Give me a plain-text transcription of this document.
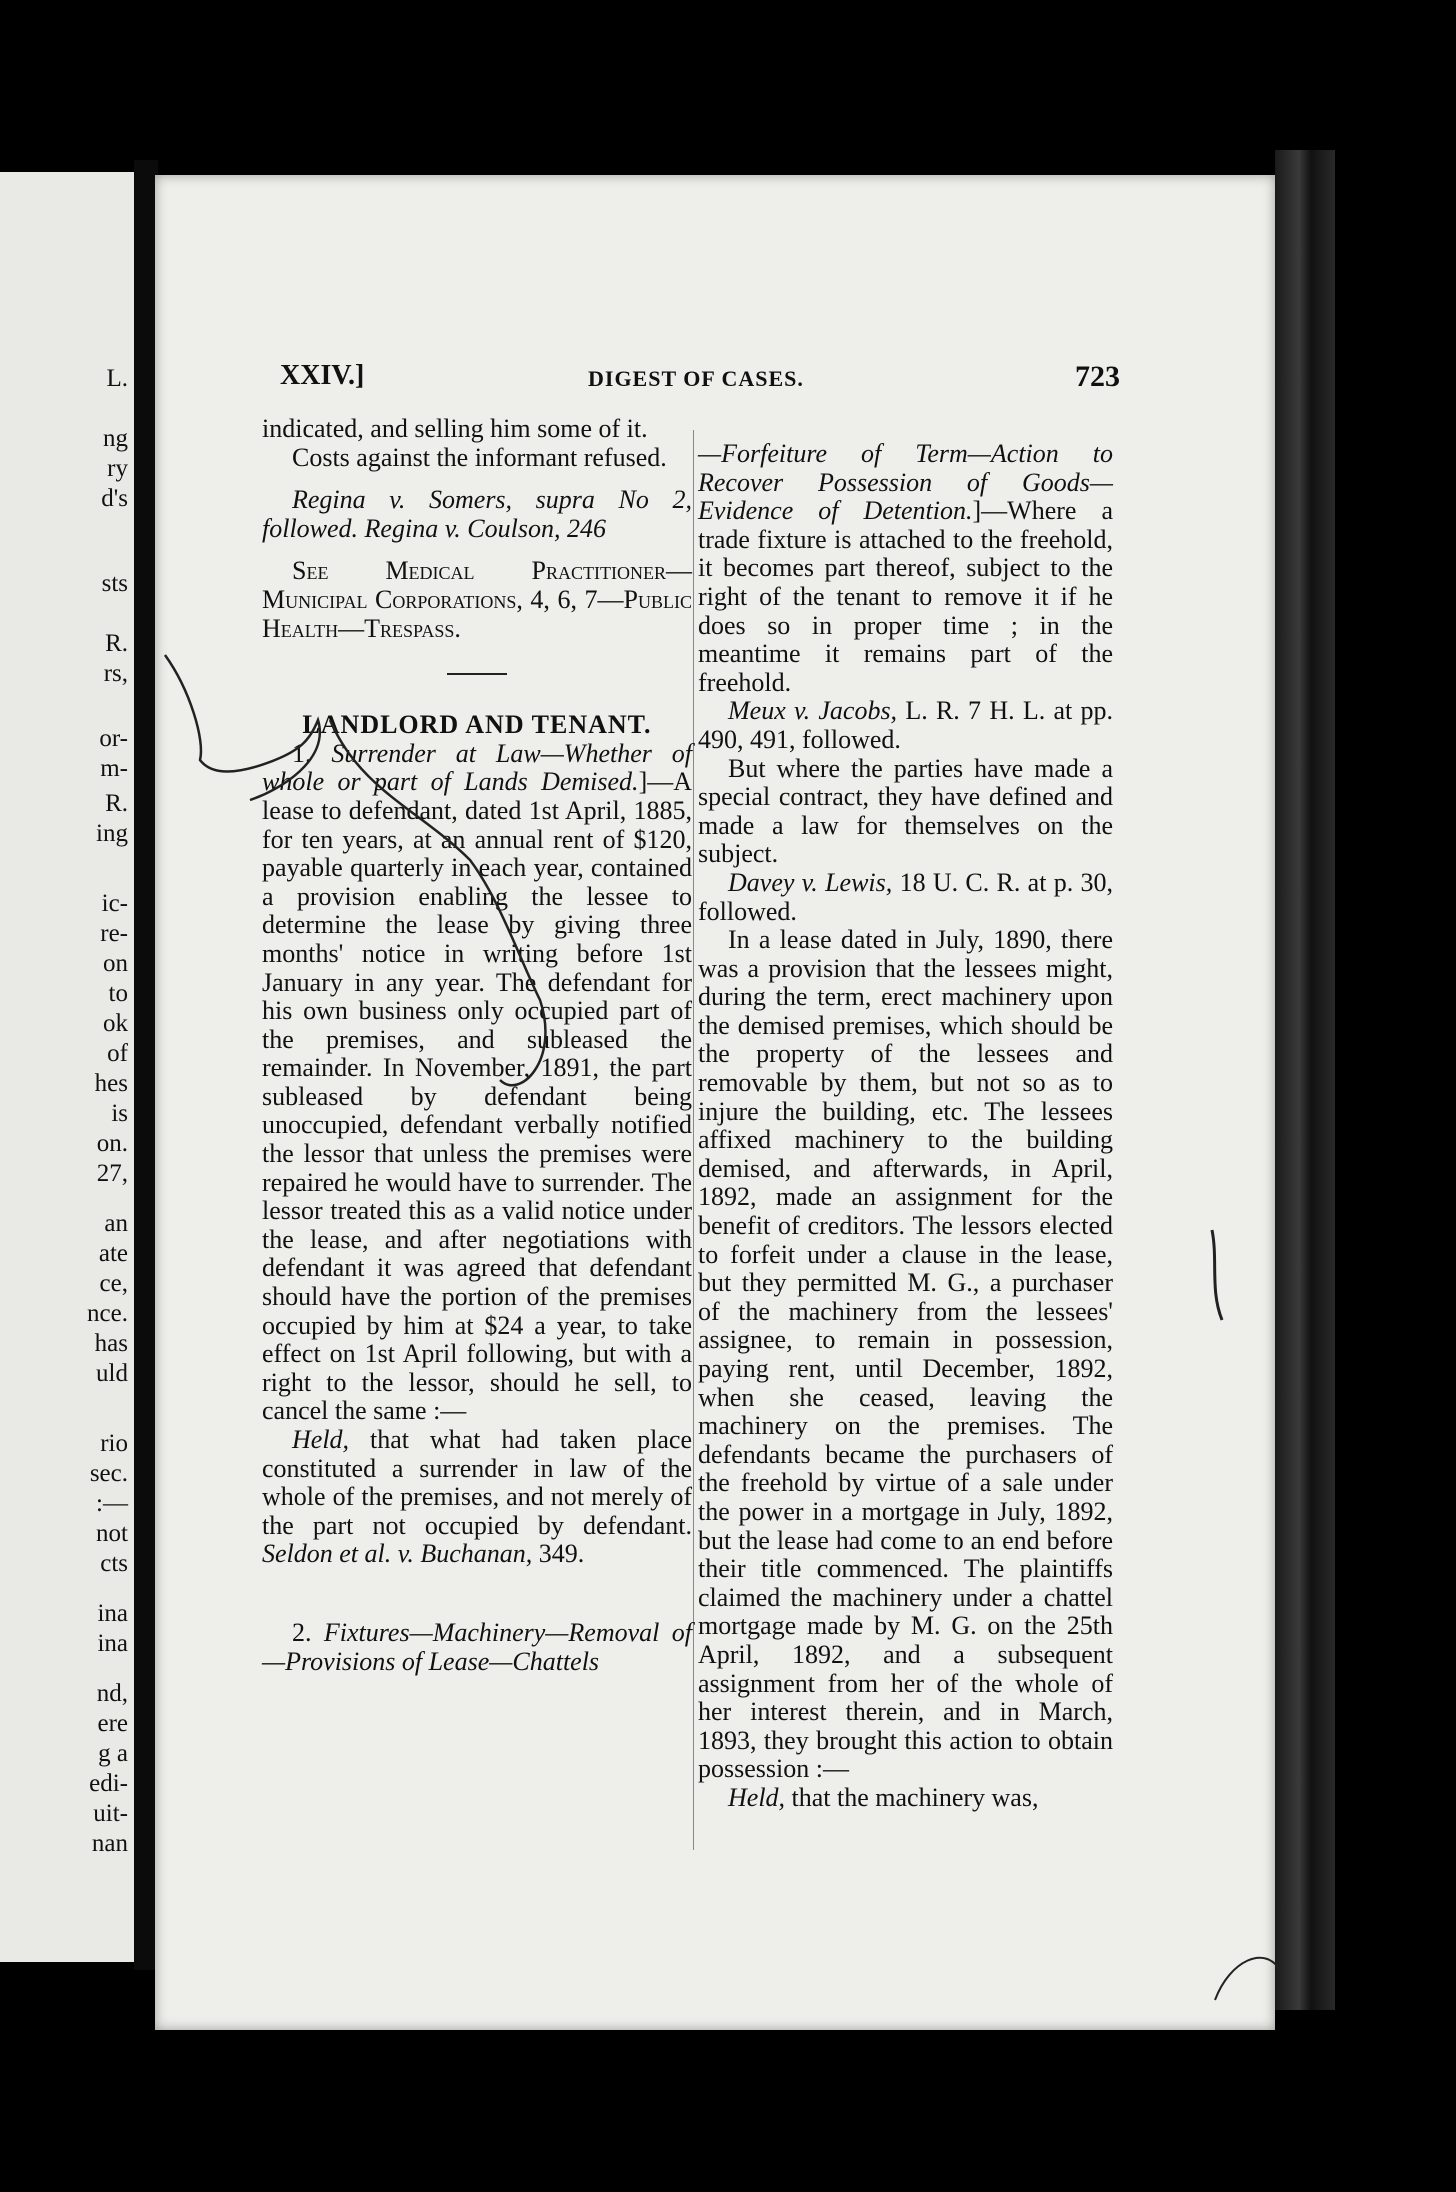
L.
ng
ry
d's
sts
R.
rs,
or-
m-
R.
ing
ic-
re-
on
to
ok
of
hes
is
on.
27,
an
ate
ce,
nce.
has
uld
rio
sec.
:—
not
cts
ina
ina
nd,
ere
g a
edi-
uit-
nan
XXIV.]	DIGEST OF CASES.	723

indicated, and selling him some of it.

Costs against the informant refused.

Regina v. Somers, supra No 2, followed. Regina v. Coulson, 246

See Medical Practitioner—Municipal Corporations, 4, 6, 7—Public Health—Trespass.

LANDLORD AND TENANT.

1. Surrender at Law—Whether of whole or part of Lands Demised.]—A lease to defendant, dated 1st April, 1885, for ten years, at an annual rent of $120, payable quarterly in each year, contained a provision enabling the lessee to determine the lease by giving three months' notice in writing before 1st January in any year. The defendant for his own business only occupied part of the premises, and subleased the remainder. In November, 1891, the part subleased by defendant being unoccupied, defendant verbally notified the lessor that unless the premises were repaired he would have to surrender. The lessor treated this as a valid notice under the lease, and after negotiations with defendant it was agreed that defendant should have the portion of the premises occupied by him at $24 a year, to take effect on 1st April following, but with a right to the lessor, should he sell, to cancel the same :—

Held, that what had taken place constituted a surrender in law of the whole of the premises, and not merely of the part not occupied by defendant. Seldon et al. v. Buchanan, 349.

2. Fixtures—Machinery—Removal of—Provisions of Lease—Chattels

—Forfeiture of Term—Action to Recover Possession of Goods—Evidence of Detention.]—Where a trade fixture is attached to the freehold, it becomes part thereof, subject to the right of the tenant to remove it if he does so in proper time ; in the meantime it remains part of the freehold.

Meux v. Jacobs, L. R. 7 H. L. at pp. 490, 491, followed.

But where the parties have made a special contract, they have defined and made a law for themselves on the subject.

Davey v. Lewis, 18 U. C. R. at p. 30, followed.

In a lease dated in July, 1890, there was a provision that the lessees might, during the term, erect machinery upon the demised premises, which should be the property of the lessees and removable by them, but not so as to injure the building, etc. The lessees affixed machinery to the building demised, and afterwards, in April, 1892, made an assignment for the benefit of creditors. The lessors elected to forfeit under a clause in the lease, but they permitted M. G., a purchaser of the machinery from the lessees' assignee, to remain in possession, paying rent, until December, 1892, when she ceased, leaving the machinery on the premises. The defendants became the purchasers of the freehold by virtue of a sale under the power in a mortgage in July, 1892, but the lease had come to an end before their title commenced. The plaintiffs claimed the machinery under a chattel mortgage made by M. G. on the 25th April, 1892, and a subsequent assignment from her of the whole of her interest therein, and in March, 1893, they brought this action to obtain possession :—

Held, that the machinery was,
